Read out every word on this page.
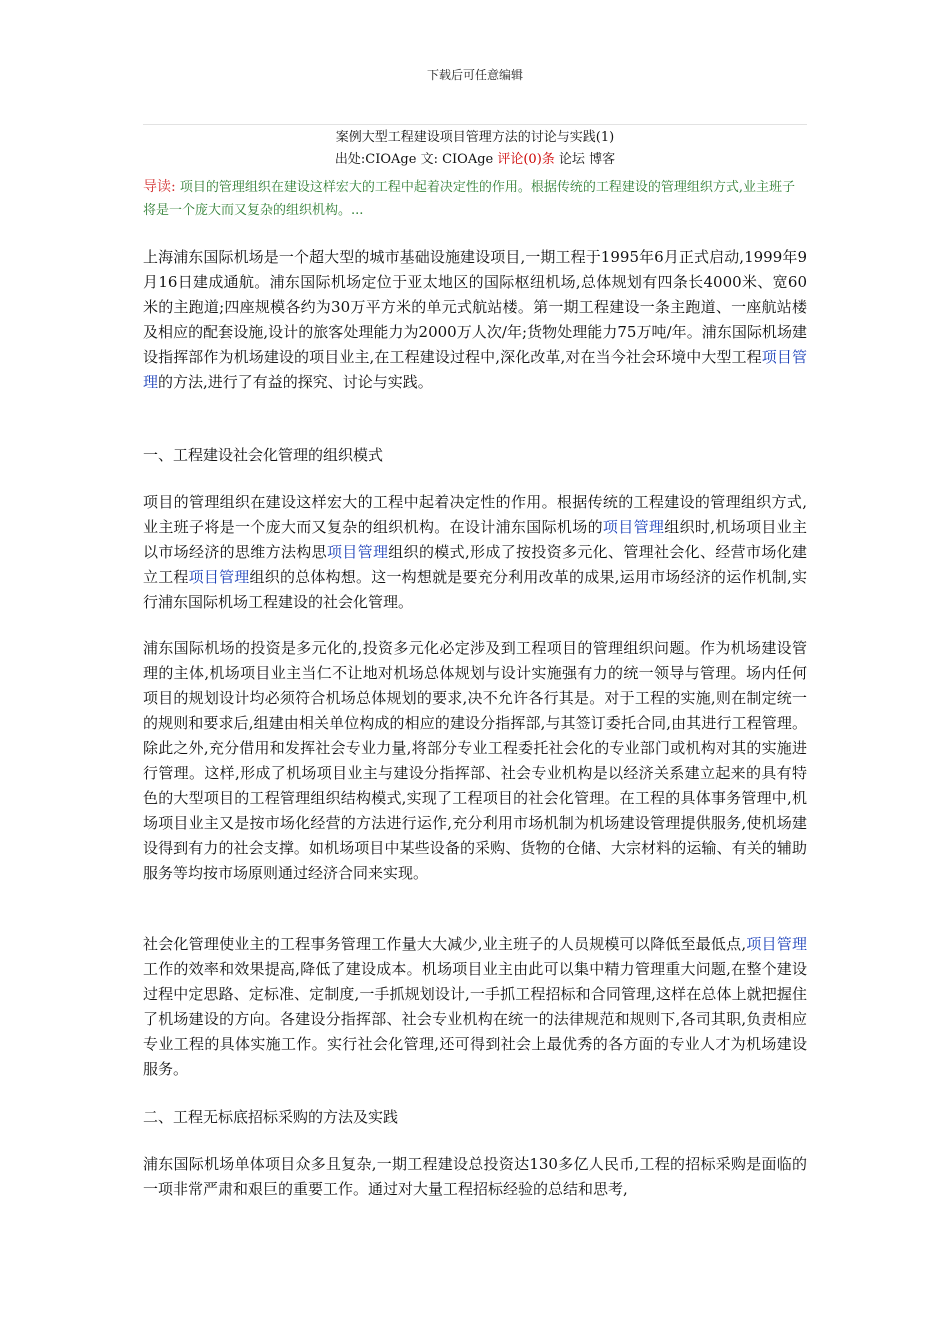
下载后可任意编辑
案例大型工程建设项目管理方法的讨论与实践(1)
出处:CIOAge 文: CIOAge 评论(0)条 论坛 博客
导读: 项目的管理组织在建设这样宏大的工程中起着决定性的作用。根据传统的工程建设的管理组织方式,业主班子将是一个庞大而又复杂的组织机构。...

上海浦东国际机场是一个超大型的城市基础设施建设项目,一期工程于1995年6月正式启动,1999年9月16日建成通航。浦东国际机场定位于亚太地区的国际枢纽机场,总体规划有四条长4000米、宽60米的主跑道;四座规模各约为30万平方米的单元式航站楼。第一期工程建设一条主跑道、一座航站楼及相应的配套设施,设计的旅客处理能力为2000万人次/年;货物处理能力75万吨/年。浦东国际机场建设指挥部作为机场建设的项目业主,在工程建设过程中,深化改革,对在当今社会环境中大型工程项目管理的方法,进行了有益的探究、讨论与实践。

一、工程建设社会化管理的组织模式

项目的管理组织在建设这样宏大的工程中起着决定性的作用。根据传统的工程建设的管理组织方式,业主班子将是一个庞大而又复杂的组织机构。在设计浦东国际机场的项目管理组织时,机场项目业主以市场经济的思维方法构思项目管理组织的模式,形成了按投资多元化、管理社会化、经营市场化建立工程项目管理组织的总体构想。这一构想就是要充分利用改革的成果,运用市场经济的运作机制,实行浦东国际机场工程建设的社会化管理。

浦东国际机场的投资是多元化的,投资多元化必定涉及到工程项目的管理组织问题。作为机场建设管理的主体,机场项目业主当仁不让地对机场总体规划与设计实施强有力的统一领导与管理。场内任何项目的规划设计均必须符合机场总体规划的要求,决不允许各行其是。对于工程的实施,则在制定统一的规则和要求后,组建由相关单位构成的相应的建设分指挥部,与其签订委托合同,由其进行工程管理。除此之外,充分借用和发挥社会专业力量,将部分专业工程委托社会化的专业部门或机构对其的实施进行管理。这样,形成了机场项目业主与建设分指挥部、社会专业机构是以经济关系建立起来的具有特色的大型项目的工程管理组织结构模式,实现了工程项目的社会化管理。在工程的具体事务管理中,机场项目业主又是按市场化经营的方法进行运作,充分利用市场机制为机场建设管理提供服务,使机场建设得到有力的社会支撑。如机场项目中某些设备的采购、货物的仓储、大宗材料的运输、有关的辅助服务等均按市场原则通过经济合同来实现。

社会化管理使业主的工程事务管理工作量大大减少,业主班子的人员规模可以降低至最低点,项目管理工作的效率和效果提高,降低了建设成本。机场项目业主由此可以集中精力管理重大问题,在整个建设过程中定思路、定标准、定制度,一手抓规划设计,一手抓工程招标和合同管理,这样在总体上就把握住了机场建设的方向。各建设分指挥部、社会专业机构在统一的法律规范和规则下,各司其职,负责相应专业工程的具体实施工作。实行社会化管理,还可得到社会上最优秀的各方面的专业人才为机场建设服务。

二、工程无标底招标采购的方法及实践

浦东国际机场单体项目众多且复杂,一期工程建设总投资达130多亿人民币,工程的招标采购是面临的一项非常严肃和艰巨的重要工作。通过对大量工程招标经验的总结和思考,
